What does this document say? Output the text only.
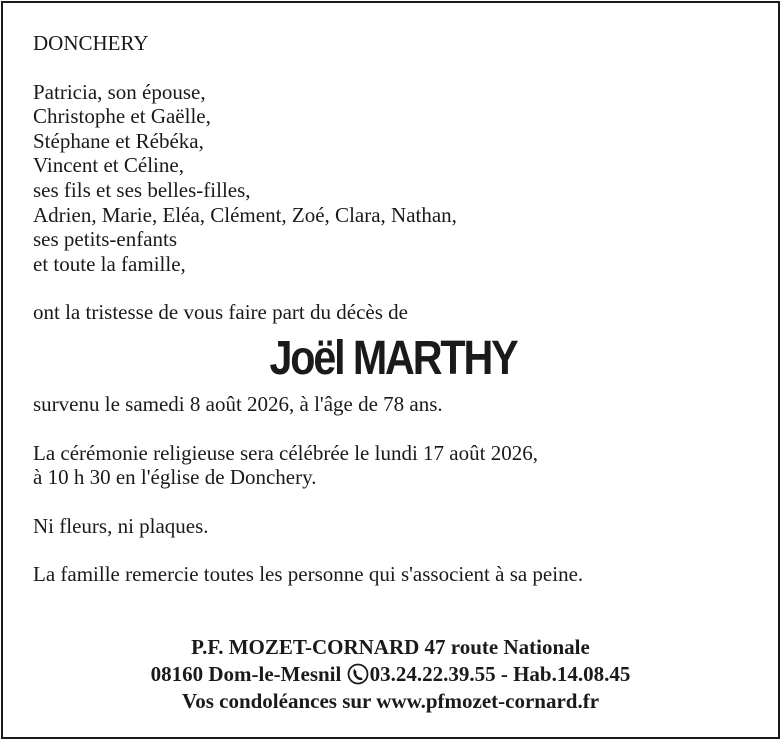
DONCHERY
Patricia, son épouse,
Christophe et Gaëlle,
Stéphane et Rébéka,
Vincent et Céline,
ses fils et ses belles-filles,
Adrien, Marie, Eléa, Clément, Zoé, Clara, Nathan,
ses petits-enfants
et toute la famille,
ont la tristesse de vous faire part du décès de
Joël MARTHY
survenu le samedi 8 août 2026, à l'âge de 78 ans.
La cérémonie religieuse sera célébrée le lundi 17 août 2026,
à 10 h 30 en l'église de Donchery.
Ni fleurs, ni plaques.
La famille remercie toutes les personne qui s'associent à sa peine.
P.F. MOZET-CORNARD 47 route Nationale
08160 Dom-le-Mesnil 03.24.22.39.55 - Hab.14.08.45
Vos condoléances sur www.pfmozet-cornard.fr
